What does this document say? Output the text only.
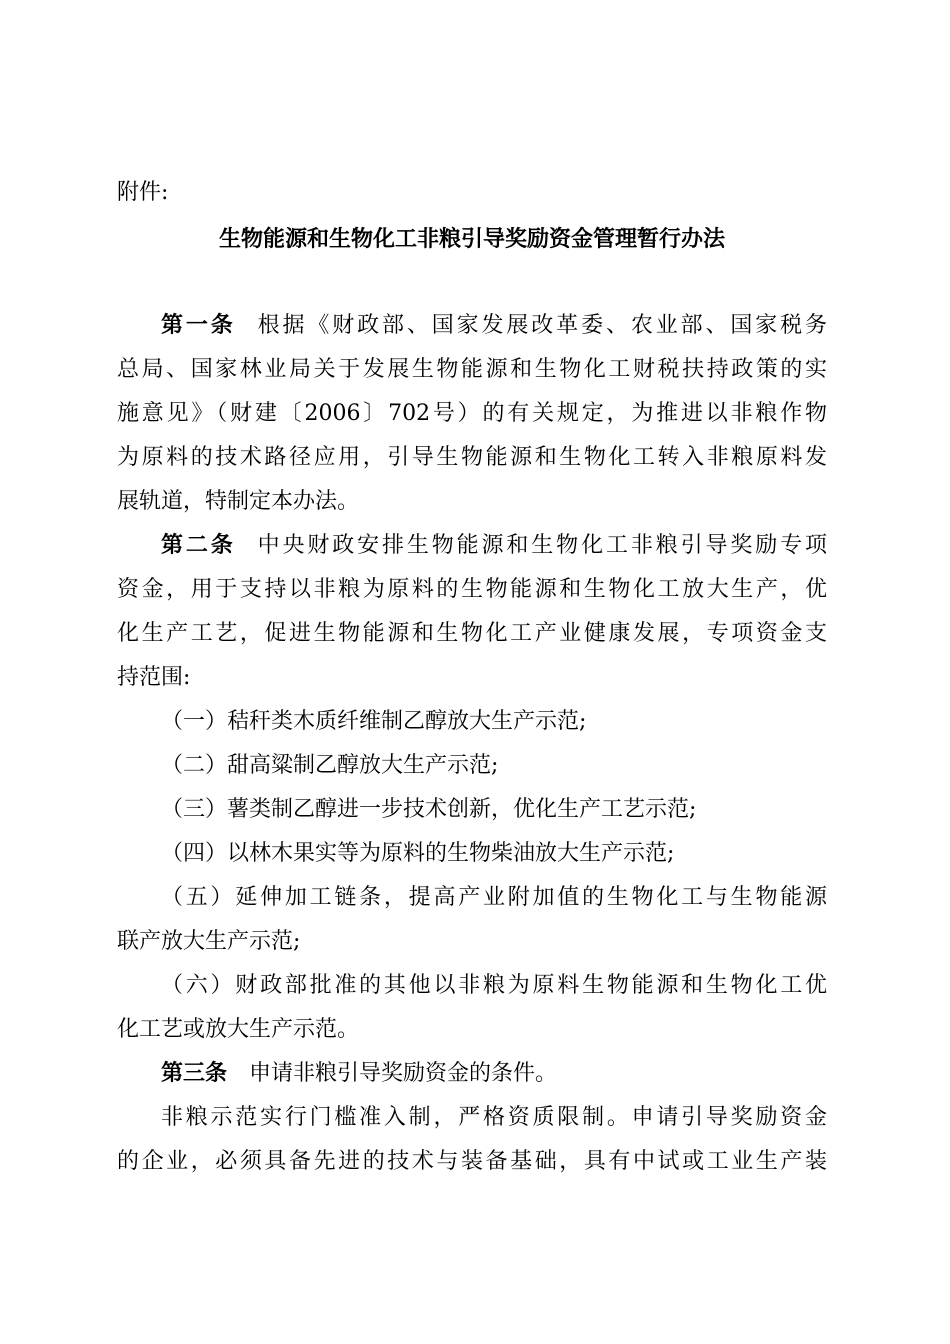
附件:
生物能源和生物化工非粮引导奖励资金管理暂行办法

第一条 根据《财政部、国家发展改革委、农业部、国家税务

总局、国家林业局关于发展生物能源和生物化工财税扶持政策的实

施意见》（财建〔2006〕702号）的有关规定，为推进以非粮作物

为原料的技术路径应用，引导生物能源和生物化工转入非粮原料发

展轨道，特制定本办法。

第二条 中央财政安排生物能源和生物化工非粮引导奖励专项

资金，用于支持以非粮为原料的生物能源和生物化工放大生产，优

化生产工艺，促进生物能源和生物化工产业健康发展，专项资金支

持范围:

（一）秸秆类木质纤维制乙醇放大生产示范;

（二）甜高粱制乙醇放大生产示范;

（三）薯类制乙醇进一步技术创新，优化生产工艺示范;

（四）以林木果实等为原料的生物柴油放大生产示范;

（五）延伸加工链条，提高产业附加值的生物化工与生物能源

联产放大生产示范;

（六）财政部批准的其他以非粮为原料生物能源和生物化工优

化工艺或放大生产示范。

第三条 申请非粮引导奖励资金的条件。

非粮示范实行门槛准入制，严格资质限制。申请引导奖励资金

的企业，必须具备先进的技术与装备基础，具有中试或工业生产装
